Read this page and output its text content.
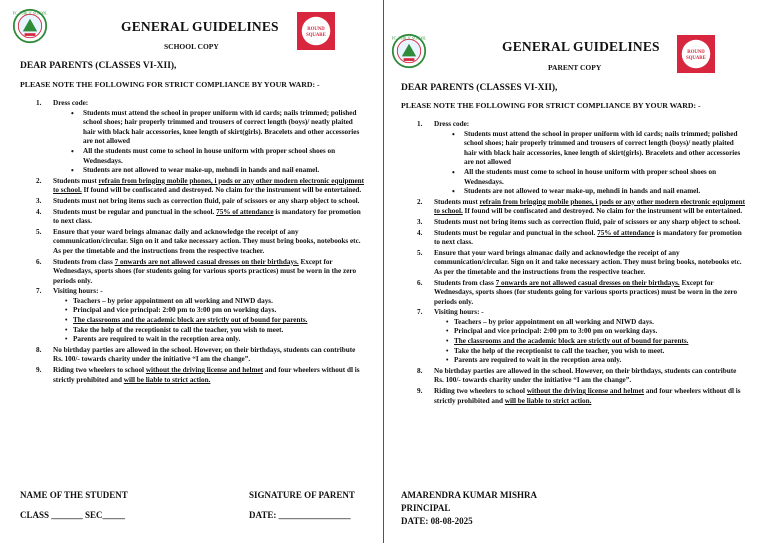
P.C. PUBLIC SCHOOL
GENERAL GUIDELINES
SCHOOL COPY
ROUND
SQUARE
DEAR PARENTS (CLASSES VI-XII),
PLEASE NOTE THE FOLLOWING FOR STRICT COMPLIANCE BY YOUR WARD: -
1. Dress code:
• Students must attend the school in proper uniform with id cards; nails trimmed; polished school shoes; hair properly trimmed and trousers of correct length (boys)/ neatly plaited hair with black hair accessories, knee length of skirt(girls). Bracelets and other accessories are not allowed
• All the students must come to school in house uniform with proper school shoes on Wednesdays.
• Students are not allowed to wear make-up, mehndi in hands and nail enamel.
2. Students must refrain from bringing mobile phones, i pods or any other modern electronic equipment to school. If found will be confiscated and destroyed. No claim for the instrument will be entertained.
3. Students must not bring items such as correction fluid, pair of scissors or any sharp object to school.
4. Students must be regular and punctual in the school. 75% of attendance is mandatory for promotion to next class.
5. Ensure that your ward brings almanac daily and acknowledge the receipt of any communication/circular. Sign on it and take necessary action. They must bring books, notebooks etc. As per the timetable and the instructions from the respective teacher.
6. Students from class 7 onwards are not allowed casual dresses on their birthdays. Except for Wednesdays, sports shoes (for students going for various sports practices) must be worn in the zero periods only.
7. Visiting hours: -
• Teachers – by prior appointment on all working and NIWD days.
• Principal and vice principal: 2:00 pm to 3:00 pm on working days.
• The classrooms and the academic block are strictly out of bound for parents.
• Take the help of the receptionist to call the teacher, you wish to meet.
• Parents are required to wait in the reception area only.
8. No birthday parties are allowed in the school. However, on their birthdays, students can contribute Rs. 100/- towards charity under the initiative “I am the change”.
9. Riding two wheelers to school without the driving license and helmet and four wheelers without dl is strictly prohibited and will be liable to strict action.
NAME OF THE STUDENT	SIGNATURE OF PARENT
CLASS _______ SEC_____	DATE: ________________
P.C. PUBLIC SCHOOL
GENERAL GUIDELINES
PARENT COPY
ROUND
SQUARE
DEAR PARENTS (CLASSES VI-XII),
PLEASE NOTE THE FOLLOWING FOR STRICT COMPLIANCE BY YOUR WARD: -
1. Dress code:
• Students must attend the school in proper uniform with id cards; nails trimmed; polished school shoes; hair properly trimmed and trousers of correct length (boys)/ neatly plaited hair with black hair accessories, knee length of skirt(girls). Bracelets and other accessories are not allowed
• All the students must come to school in house uniform with proper school shoes on Wednesdays.
• Students are not allowed to wear make-up, mehndi in hands and nail enamel.
2. Students must refrain from bringing mobile phones, i pods or any other modern electronic equipment to school. If found will be confiscated and destroyed. No claim for the instrument will be entertained.
3. Students must not bring items such as correction fluid, pair of scissors or any sharp object to school.
4. Students must be regular and punctual in the school. 75% of attendance is mandatory for promotion to next class.
5. Ensure that your ward brings almanac daily and acknowledge the receipt of any communication/circular. Sign on it and take necessary action. They must bring books, notebooks etc. As per the timetable and the instructions from the respective teacher.
6. Students from class 7 onwards are not allowed casual dresses on their birthdays. Except for Wednesdays, sports shoes (for students going for various sports practices) must be worn in the zero periods only.
7. Visiting hours: -
• Teachers – by prior appointment on all working and NIWD days.
• Principal and vice principal: 2:00 pm to 3:00 pm on working days.
• The classrooms and the academic block are strictly out of bound for parents.
• Take the help of the receptionist to call the teacher, you wish to meet.
• Parents are required to wait in the reception area only.
8. No birthday parties are allowed in the school. However, on their birthdays, students can contribute Rs. 100/- towards charity under the initiative “I am the change”.
9. Riding two wheelers to school without the driving license and helmet and four wheelers without dl is strictly prohibited and will be liable to strict action.
AMARENDRA KUMAR MISHRA
PRINCIPAL
DATE: 08-08-2025
